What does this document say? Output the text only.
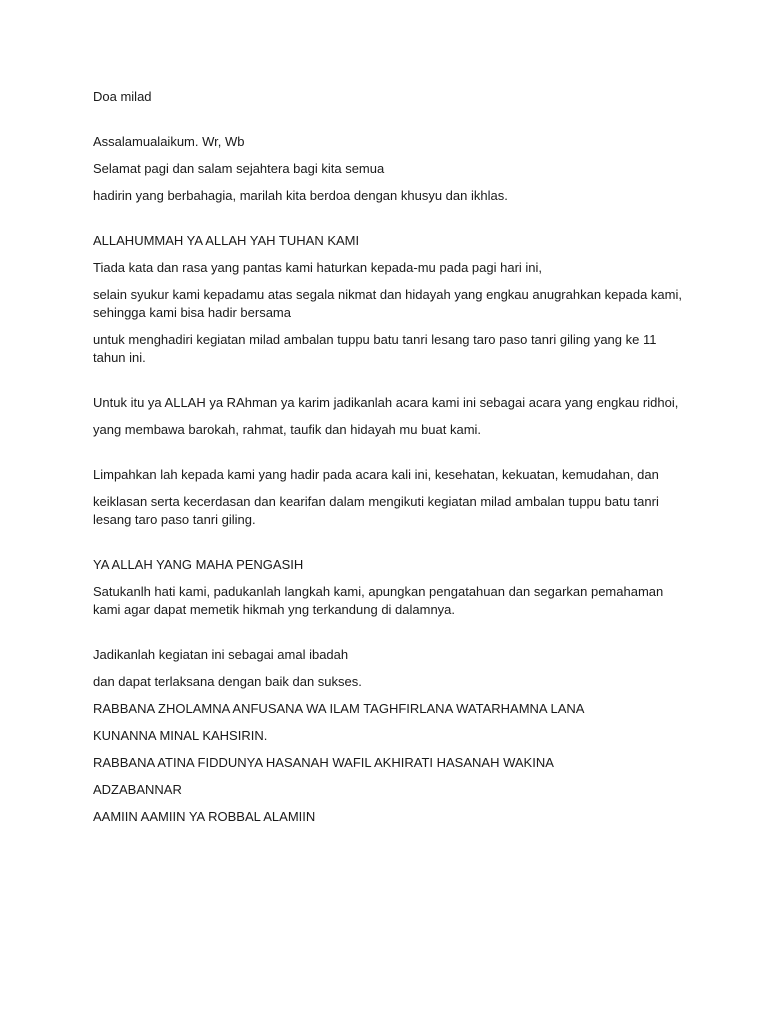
Doa milad

Assalamualaikum. Wr, Wb

Selamat pagi dan salam sejahtera bagi kita semua

hadirin yang berbahagia, marilah kita berdoa dengan khusyu dan ikhlas.

ALLAHUMMAH YA ALLAH YAH TUHAN KAMI

Tiada kata dan rasa yang pantas kami haturkan kepada-mu pada pagi hari ini,

selain syukur kami kepadamu atas segala nikmat dan hidayah yang engkau anugrahkan kepada kami, sehingga kami bisa hadir bersama

untuk menghadiri kegiatan milad ambalan tuppu batu tanri lesang taro paso tanri giling yang ke 11 tahun ini.

Untuk itu ya ALLAH ya RAhman ya karim jadikanlah acara kami ini sebagai acara yang engkau ridhoi,

yang membawa barokah, rahmat, taufik dan hidayah mu buat kami.

Limpahkan lah kepada kami yang hadir pada acara kali ini, kesehatan, kekuatan, kemudahan, dan

keiklasan serta kecerdasan dan kearifan dalam mengikuti kegiatan milad ambalan tuppu batu tanri lesang taro paso tanri giling.

YA ALLAH YANG MAHA PENGASIH

Satukanlh hati kami, padukanlah langkah kami, apungkan pengatahuan dan segarkan pemahaman kami agar dapat memetik hikmah yng terkandung di dalamnya.

Jadikanlah kegiatan ini sebagai amal ibadah

dan dapat terlaksana dengan baik dan sukses.

RABBANA ZHOLAMNA ANFUSANA WA ILAM TAGHFIRLANA WATARHAMNA LANA

KUNANNA MINAL KAHSIRIN.

RABBANA ATINA FIDDUNYA HASANAH WAFIL AKHIRATI HASANAH WAKINA

ADZABANNAR

AAMIIN AAMIIN YA ROBBAL ALAMIIN
